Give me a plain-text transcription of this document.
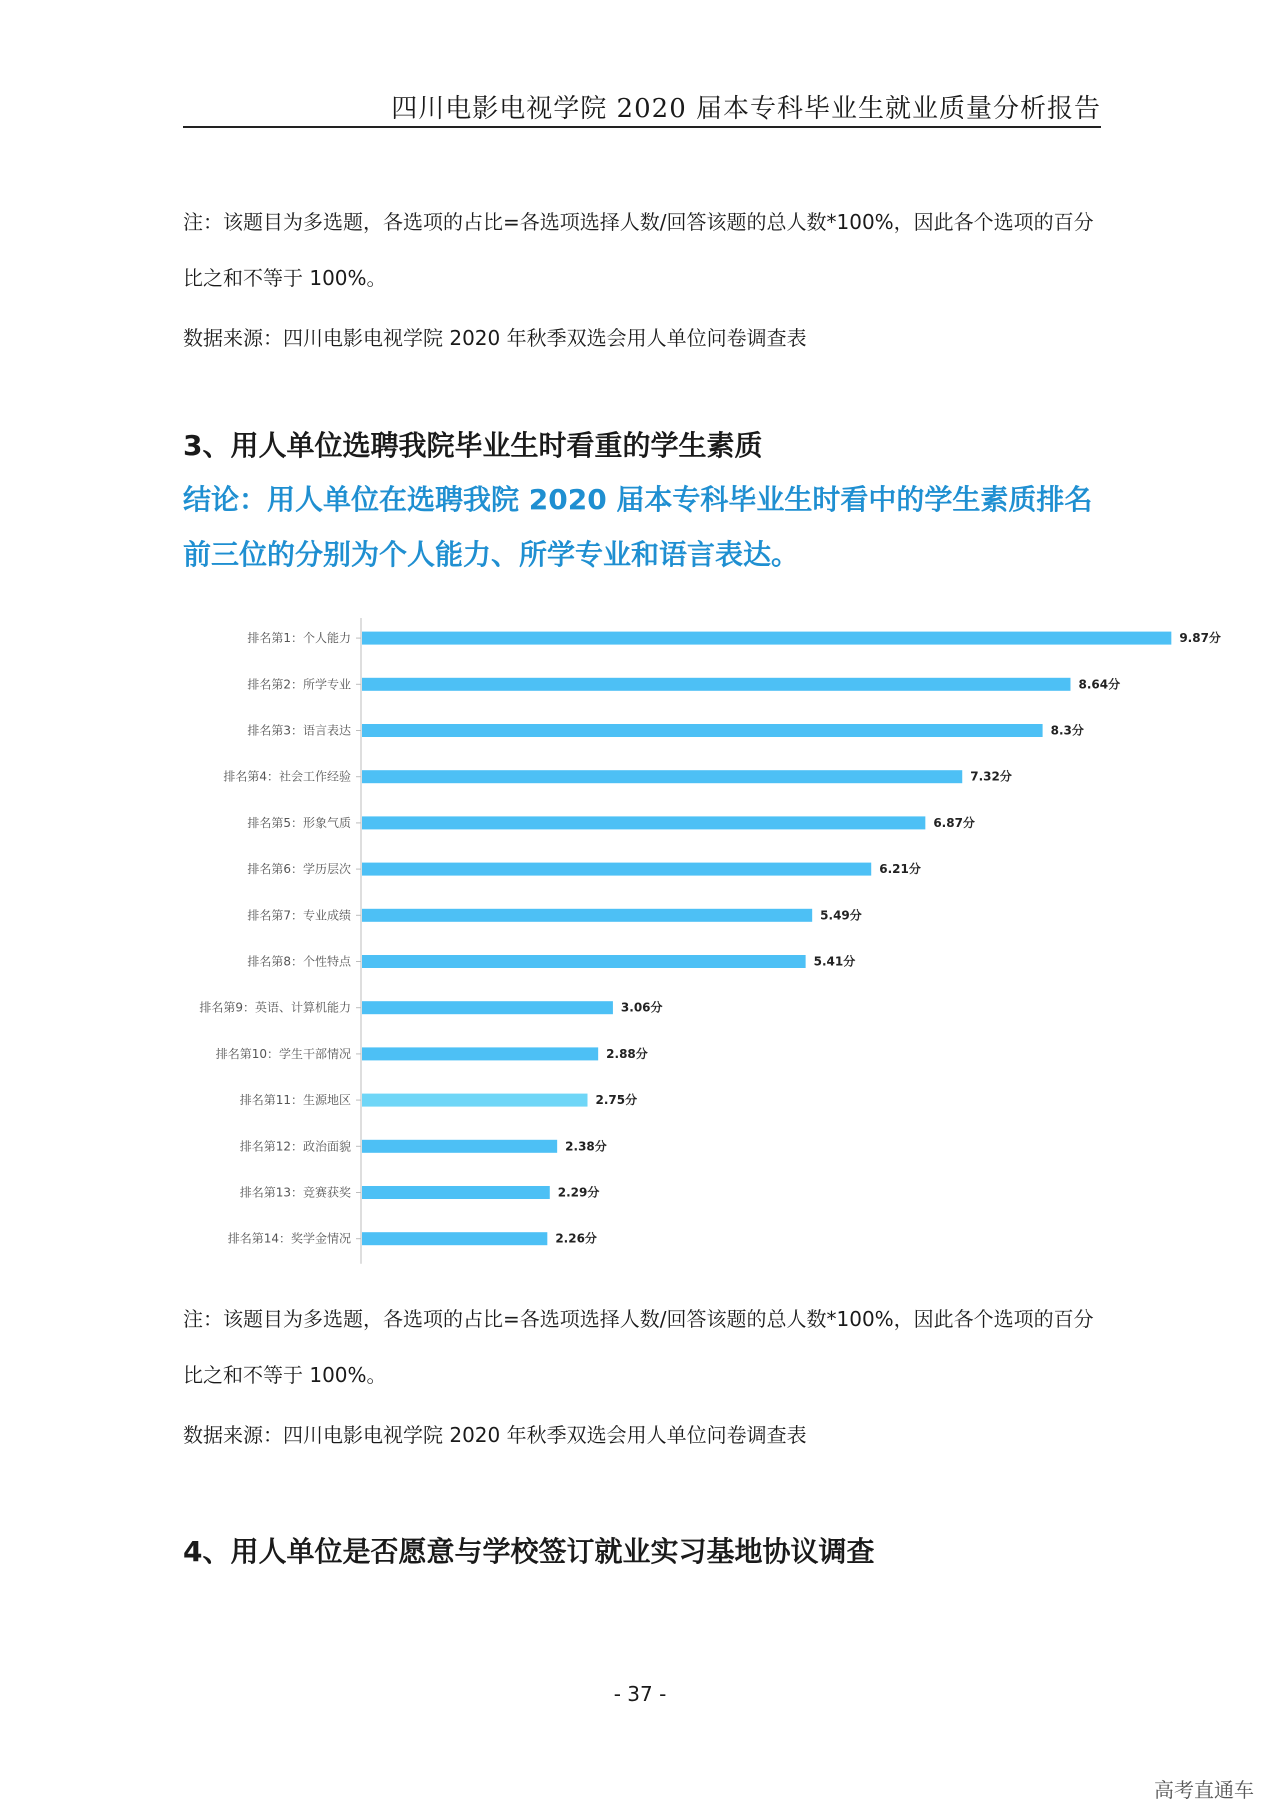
四川电影电视学院 2020 届本专科毕业生就业质量分析报告
注：该题目为多选题，各选项的占比=各选项选择人数/回答该题的总人数*100%，因此各个选项的百分比之和不等于 100%。
数据来源：四川电影电视学院 2020 年秋季双选会用人单位问卷调查表
3、用人单位选聘我院毕业生时看重的学生素质
结论：用人单位在选聘我院 2020 届本专科毕业生时看中的学生素质排名前三位的分别为个人能力、所学专业和语言表达。
排名第1：个人能力	9.87分
排名第2：所学专业	8.64分
排名第3：语言表达	8.3分
排名第4：社会工作经验	7.32分
排名第5：形象气质	6.87分
排名第6：学历层次	6.21分
排名第7：专业成绩	5.49分
排名第8：个性特点	5.41分
排名第9：英语、计算机能力	3.06分
排名第10：学生干部情况	2.88分
排名第11：生源地区	2.75分
排名第12：政治面貌	2.38分
排名第13：竞赛获奖	2.29分
排名第14：奖学金情况	2.26分
注：该题目为多选题，各选项的占比=各选项选择人数/回答该题的总人数*100%，因此各个选项的百分比之和不等于 100%。
数据来源：四川电影电视学院 2020 年秋季双选会用人单位问卷调查表
4、用人单位是否愿意与学校签订就业实习基地协议调查
- 37 -
高考直通车
